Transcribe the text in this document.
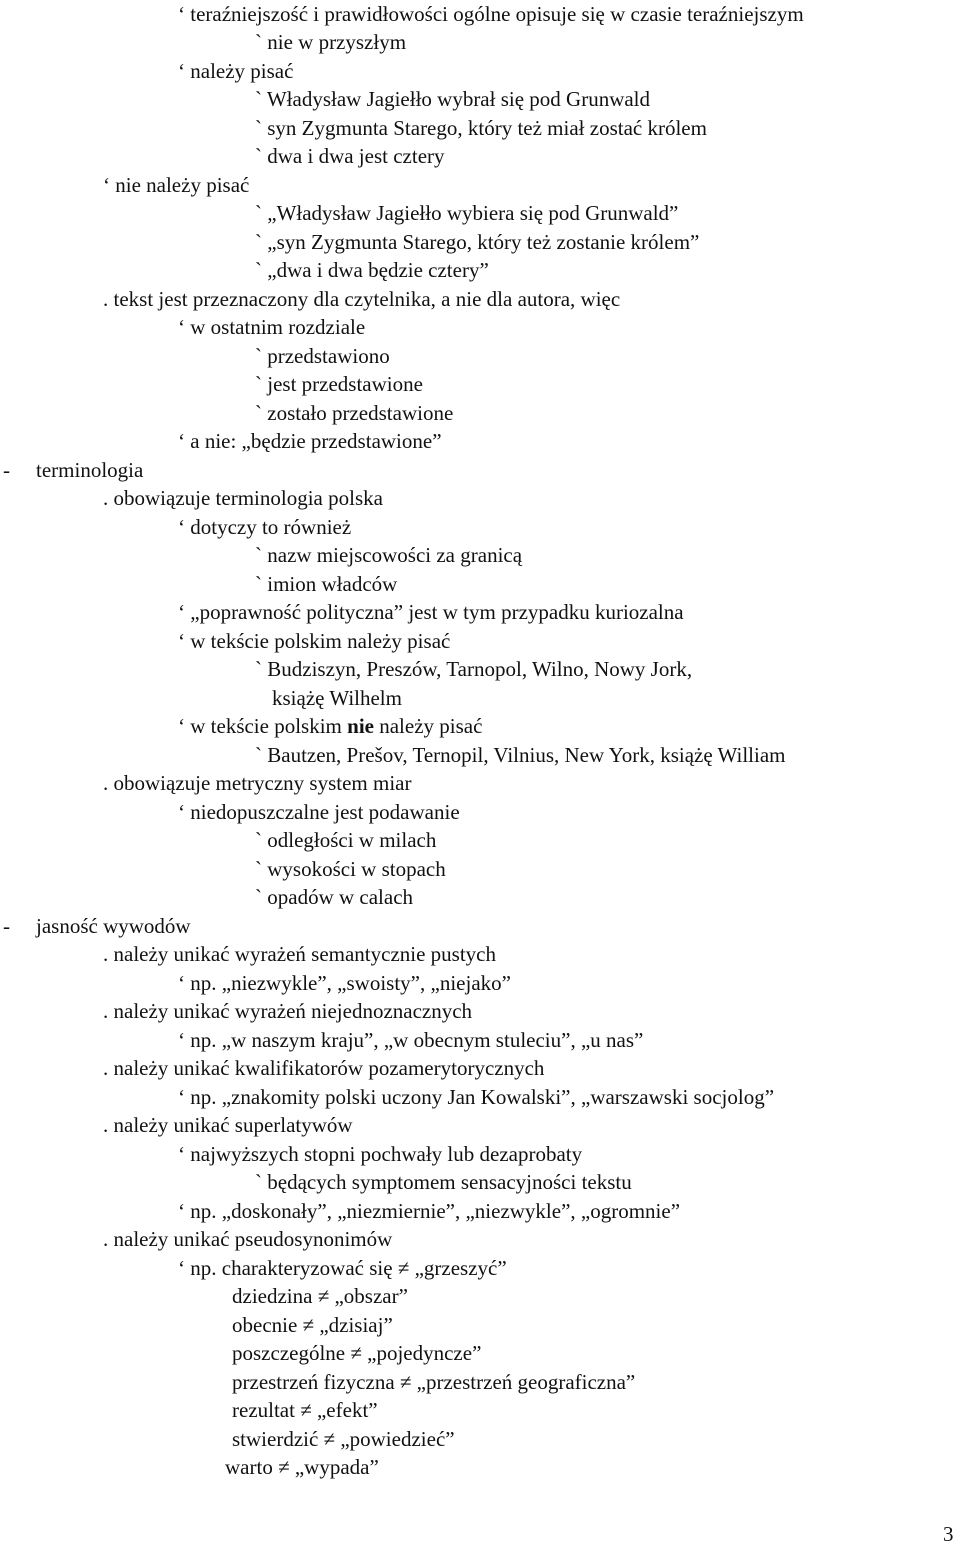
‘ teraźniejszość i prawidłowości ogólne opisuje się w czasie teraźniejszym
` nie w przyszłym
‘ należy pisać
` Władysław Jagiełło wybrał się pod Grunwald
` syn Zygmunta Starego, który też miał zostać królem
` dwa i dwa jest cztery
‘ nie należy pisać
` „Władysław Jagiełło wybiera się pod Grunwald”
` „syn Zygmunta Starego, który też zostanie królem”
` „dwa i dwa będzie cztery”
. tekst jest przeznaczony dla czytelnika, a nie dla autora, więc
‘ w ostatnim rozdziale
` przedstawiono
` jest przedstawione
` zostało przedstawione
‘ a nie: „będzie przedstawione”
- terminologia
. obowiązuje terminologia polska
‘ dotyczy to również
` nazw miejscowości za granicą
` imion władców
‘ „poprawność polityczna” jest w tym przypadku kuriozalna
‘ w tekście polskim należy pisać
` Budziszyn, Preszów, Tarnopol, Wilno, Nowy Jork,
książę Wilhelm
‘ w tekście polskim nie należy pisać
` Bautzen, Prešov, Ternopil, Vilnius, New York, książę William
. obowiązuje metryczny system miar
‘ niedopuszczalne jest podawanie
` odległości w milach
` wysokości w stopach
` opadów w calach
- jasność wywodów
. należy unikać wyrażeń semantycznie pustych
‘ np. „niezwykle”, „swoisty”, „niejako”
. należy unikać wyrażeń niejednoznacznych
‘ np. „w naszym kraju”, „w obecnym stuleciu”, „u nas”
. należy unikać kwalifikatorów pozamerytorycznych
‘ np. „znakomity polski uczony Jan Kowalski”, „warszawski socjolog”
. należy unikać superlatywów
‘ najwyższych stopni pochwały lub dezaprobaty
` będących symptomem sensacyjności tekstu
‘ np. „doskonały”, „niezmiernie”, „niezwykle”, „ogromnie”
. należy unikać pseudosynonimów
‘ np. charakteryzować się ≠ „grzeszyć”
dziedzina ≠ „obszar”
obecnie ≠ „dzisiaj”
poszczególne ≠ „pojedyncze”
przestrzeń fizyczna ≠ „przestrzeń geograficzna”
rezultat ≠ „efekt”
stwierdzić ≠ „powiedzieć”
warto ≠ „wypada”
3
